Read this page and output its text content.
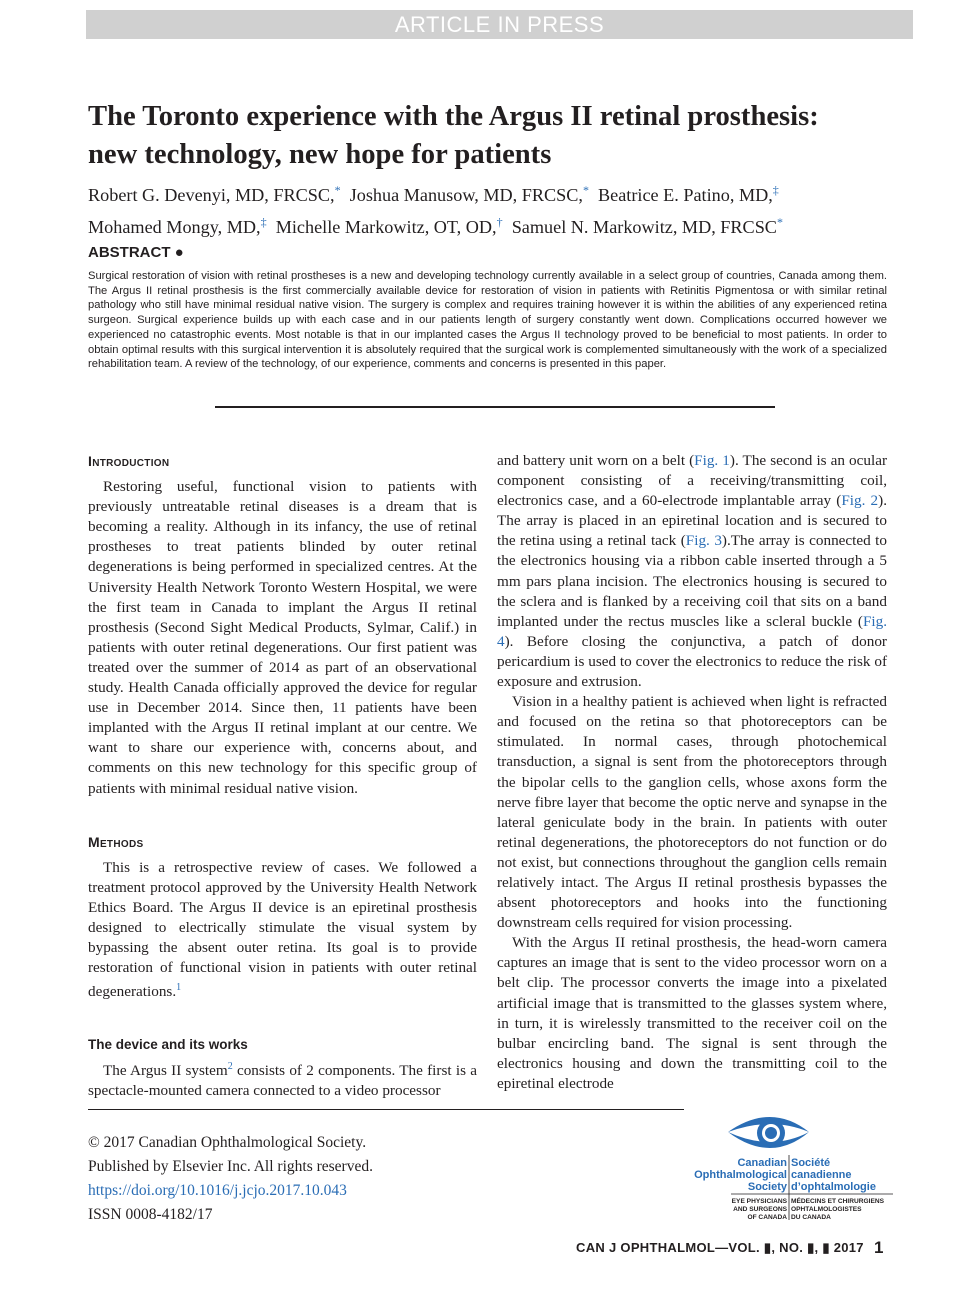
ARTICLE IN PRESS
The Toronto experience with the Argus II retinal prosthesis:
new technology, new hope for patients
Robert G. Devenyi, MD, FRCSC,* Joshua Manusow, MD, FRCSC,* Beatrice E. Patino, MD,‡
Mohamed Mongy, MD,‡ Michelle Markowitz, OT, OD,† Samuel N. Markowitz, MD, FRCSC*
ABSTRACT ●

Surgical restoration of vision with retinal prostheses is a new and developing technology currently available in a select group of countries, Canada among them. The Argus II retinal prosthesis is the first commercially available device for restoration of vision in patients with Retinitis Pigmentosa or with similar retinal pathology who still have minimal residual native vision. The surgery is complex and requires training however it is within the abilities of any experienced retina surgeon. Surgical experience builds up with each case and in our patients length of surgery constantly went down. Complications occurred however we experienced no catastrophic events. Most notable is that in our implanted cases the Argus II technology proved to be beneficial to most patients. In order to obtain optimal results with this surgical intervention it is absolutely required that the surgical work is complemented simultaneously with the work of a specialized rehabilitation team. A review of the technology, of our experience, comments and concerns is presented in this paper.

Introduction

Restoring useful, functional vision to patients with previously untreatable retinal diseases is a dream that is becoming a reality. Although in its infancy, the use of retinal prostheses to treat patients blinded by outer retinal degenerations is being performed in specialized centres. At the University Health Network Toronto Western Hospital, we were the first team in Canada to implant the Argus II retinal prosthesis (Second Sight Medical Products, Sylmar, Calif.) in patients with outer retinal degenerations. Our first patient was treated over the summer of 2014 as part of an observational study. Health Canada officially approved the device for regular use in December 2014. Since then, 11 patients have been implanted with the Argus II retinal implant at our centre. We want to share our experience with, concerns about, and comments on this new technology for this specific group of patients with minimal residual native vision.

Methods

This is a retrospective review of cases. We followed a treatment protocol approved by the University Health Network Ethics Board. The Argus II device is an epiretinal prosthesis designed to electrically stimulate the visual system by bypassing the absent outer retina. Its goal is to provide restoration of functional vision in patients with outer retinal degenerations.$^1$

The device and its works

The Argus II system$^2$ consists of 2 components. The first is a spectacle-mounted camera connected to a video processor

and battery unit worn on a belt (Fig. 1). The second is an ocular component consisting of a receiving/transmitting coil, electronics case, and a 60-electrode implantable array (Fig. 2). The array is placed in an epiretinal location and is secured to the retina using a retinal tack (Fig. 3).The array is connected to the electronics housing via a ribbon cable inserted through a 5 mm pars plana incision. The electronics housing is secured to the sclera and is flanked by a receiving coil that sits on a band implanted under the rectus muscles like a scleral buckle (Fig. 4). Before closing the conjunctiva, a patch of donor pericardium is used to cover the electronics to reduce the risk of exposure and extrusion.

Vision in a healthy patient is achieved when light is refracted and focused on the retina so that photoreceptors can be stimulated. In normal cases, through photochemical transduction, a signal is sent from the photoreceptors through the bipolar cells to the ganglion cells, whose axons form the nerve fibre layer that become the optic nerve and synapse in the lateral geniculate body in the brain. In patients with outer retinal degenerations, the photoreceptors do not function or do not exist, but connections throughout the ganglion cells remain relatively intact. The Argus II retinal prosthesis bypasses the absent photoreceptors and hooks into the functioning downstream cells required for vision processing.

With the Argus II retinal prosthesis, the head-worn camera captures an image that is sent to the video processor worn on a belt clip. The processor converts the image into a pixelated artificial image that is transmitted to the glasses system where, in turn, it is wirelessly transmitted to the receiver coil on the bulbar encircling band. The signal is sent through the electronics housing and down the transmitting coil to the epiretinal electrode

© 2017 Canadian Ophthalmological Society.
Published by Elsevier Inc. All rights reserved.
https://doi.org/10.1016/j.jcjo.2017.10.043
ISSN 0008-4182/17
Canadian
Ophthalmological
Society
Société
canadienne
d’ophtalmologie
EYE PHYSICIANS
AND SURGEONS
OF CANADA
MÉDECINS ET CHIRURGIENS
OPHTALMOLOGISTES
DU CANADA
CAN J OPHTHALMOL—VOL. ▮, NO. ▮, ▮ 2017 1
